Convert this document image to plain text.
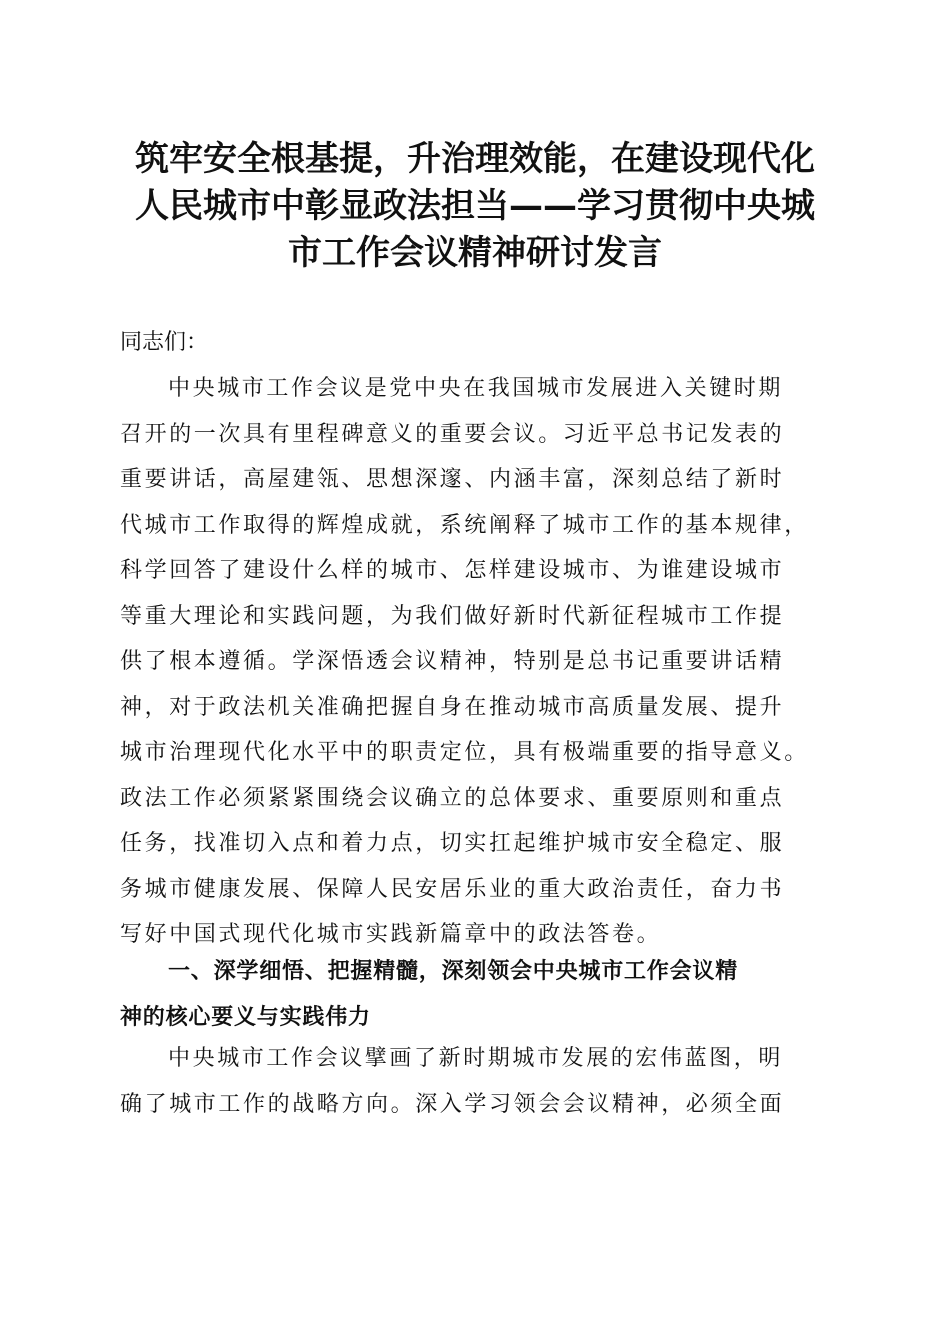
筑牢安全根基提，升治理效能，在建设现代化
人民城市中彰显政法担当——学习贯彻中央城
市工作会议精神研讨发言

同志们：

中央城市工作会议是党中央在我国城市发展进入关键时期
召开的一次具有里程碑意义的重要会议。习近平总书记发表的
重要讲话，高屋建瓴、思想深邃、内涵丰富，深刻总结了新时
代城市工作取得的辉煌成就，系统阐释了城市工作的基本规律，
科学回答了建设什么样的城市、怎样建设城市、为谁建设城市
等重大理论和实践问题，为我们做好新时代新征程城市工作提
供了根本遵循。学深悟透会议精神，特别是总书记重要讲话精
神，对于政法机关准确把握自身在推动城市高质量发展、提升
城市治理现代化水平中的职责定位，具有极端重要的指导意义。
政法工作必须紧紧围绕会议确立的总体要求、重要原则和重点
任务，找准切入点和着力点，切实扛起维护城市安全稳定、服
务城市健康发展、保障人民安居乐业的重大政治责任，奋力书
写好中国式现代化城市实践新篇章中的政法答卷。
一、深学细悟、把握精髓，深刻领会中央城市工作会议精
神的核心要义与实践伟力
中央城市工作会议擘画了新时期城市发展的宏伟蓝图，明
确了城市工作的战略方向。深入学习领会会议精神，必须全面
